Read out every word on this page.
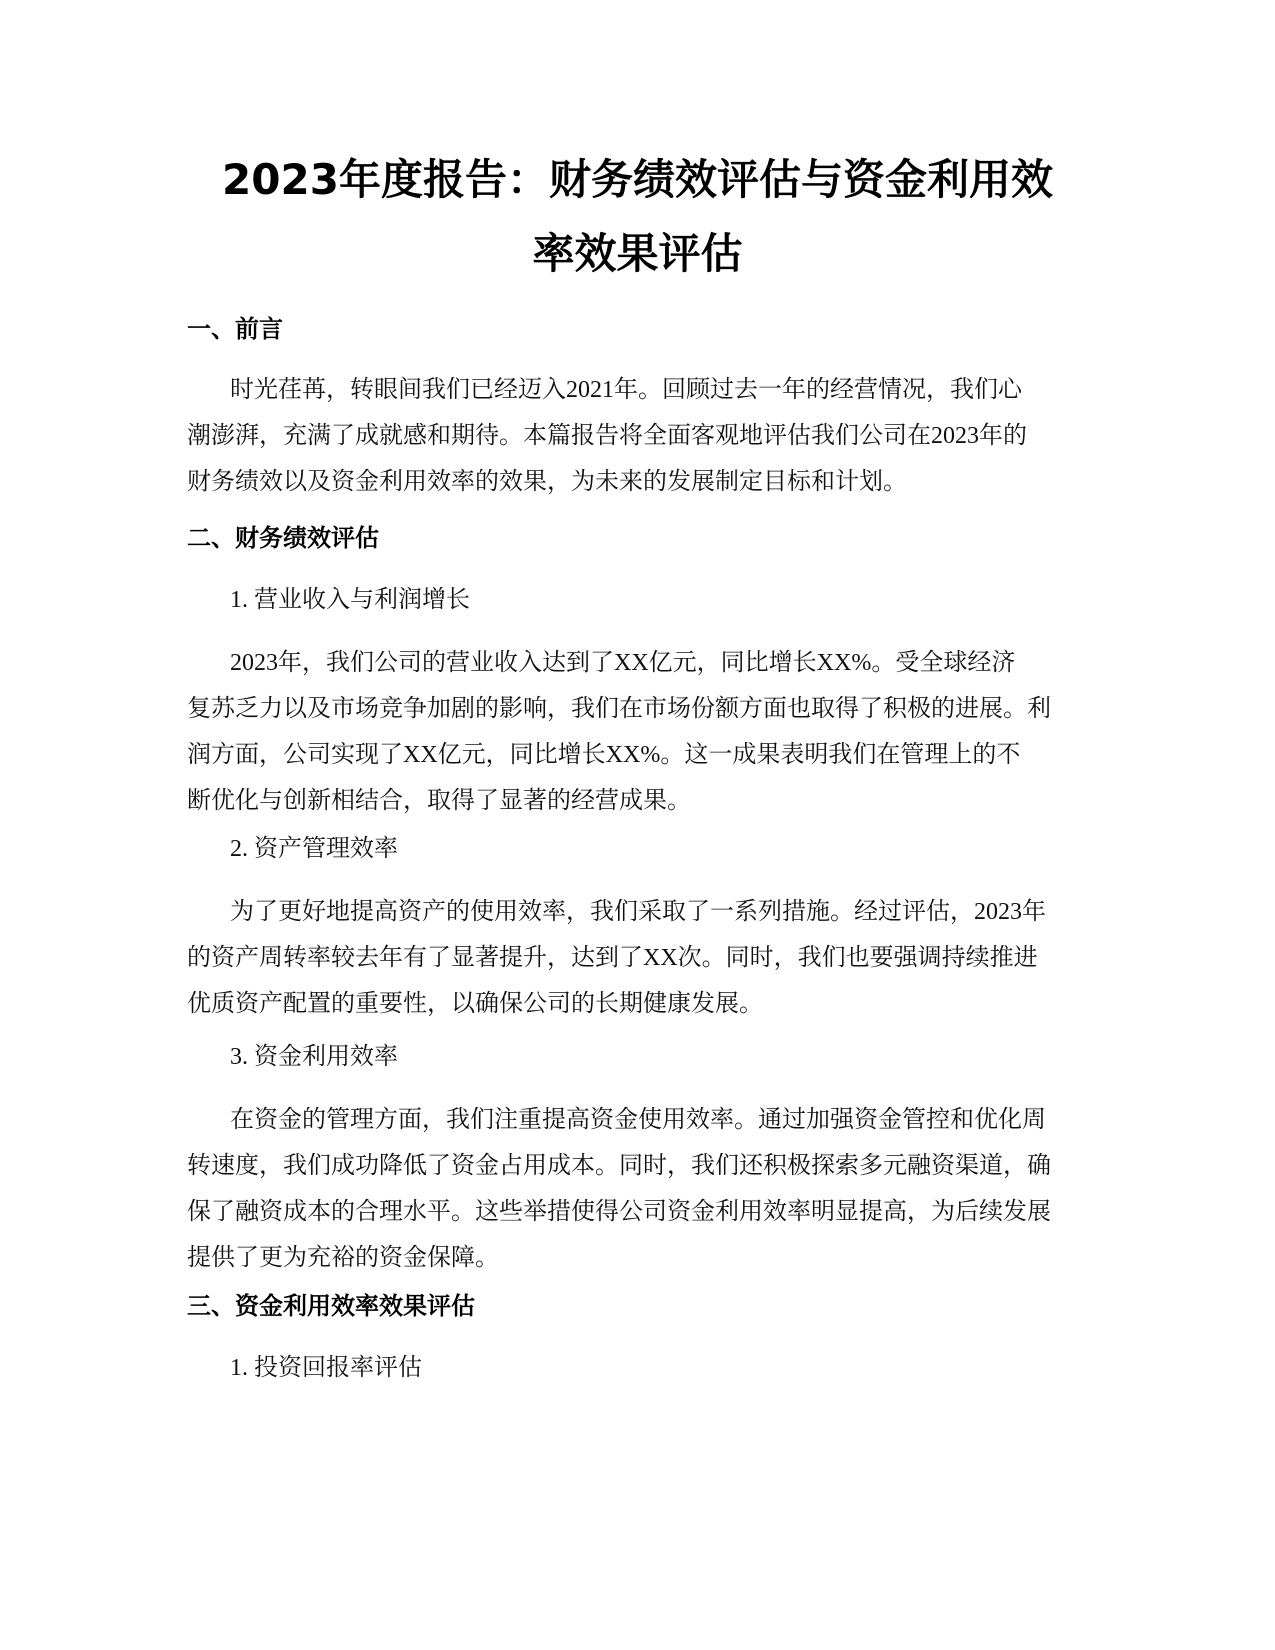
2023年度报告：财务绩效评估与资金利用效
率效果评估
一、前言
时光荏苒，转眼间我们已经迈入2021年。回顾过去一年的经营情况，我们心
潮澎湃，充满了成就感和期待。本篇报告将全面客观地评估我们公司在2023年的
财务绩效以及资金利用效率的效果，为未来的发展制定目标和计划。
二、财务绩效评估
1. 营业收入与利润增长
2023年，我们公司的营业收入达到了XX亿元，同比增长XX%。受全球经济
复苏乏力以及市场竞争加剧的影响，我们在市场份额方面也取得了积极的进展。利
润方面，公司实现了XX亿元，同比增长XX%。这一成果表明我们在管理上的不
断优化与创新相结合，取得了显著的经营成果。
2. 资产管理效率
为了更好地提高资产的使用效率，我们采取了一系列措施。经过评估，2023年
的资产周转率较去年有了显著提升，达到了XX次。同时，我们也要强调持续推进
优质资产配置的重要性，以确保公司的长期健康发展。
3. 资金利用效率
在资金的管理方面，我们注重提高资金使用效率。通过加强资金管控和优化周
转速度，我们成功降低了资金占用成本。同时，我们还积极探索多元融资渠道，确
保了融资成本的合理水平。这些举措使得公司资金利用效率明显提高，为后续发展
提供了更为充裕的资金保障。
三、资金利用效率效果评估
1. 投资回报率评估
